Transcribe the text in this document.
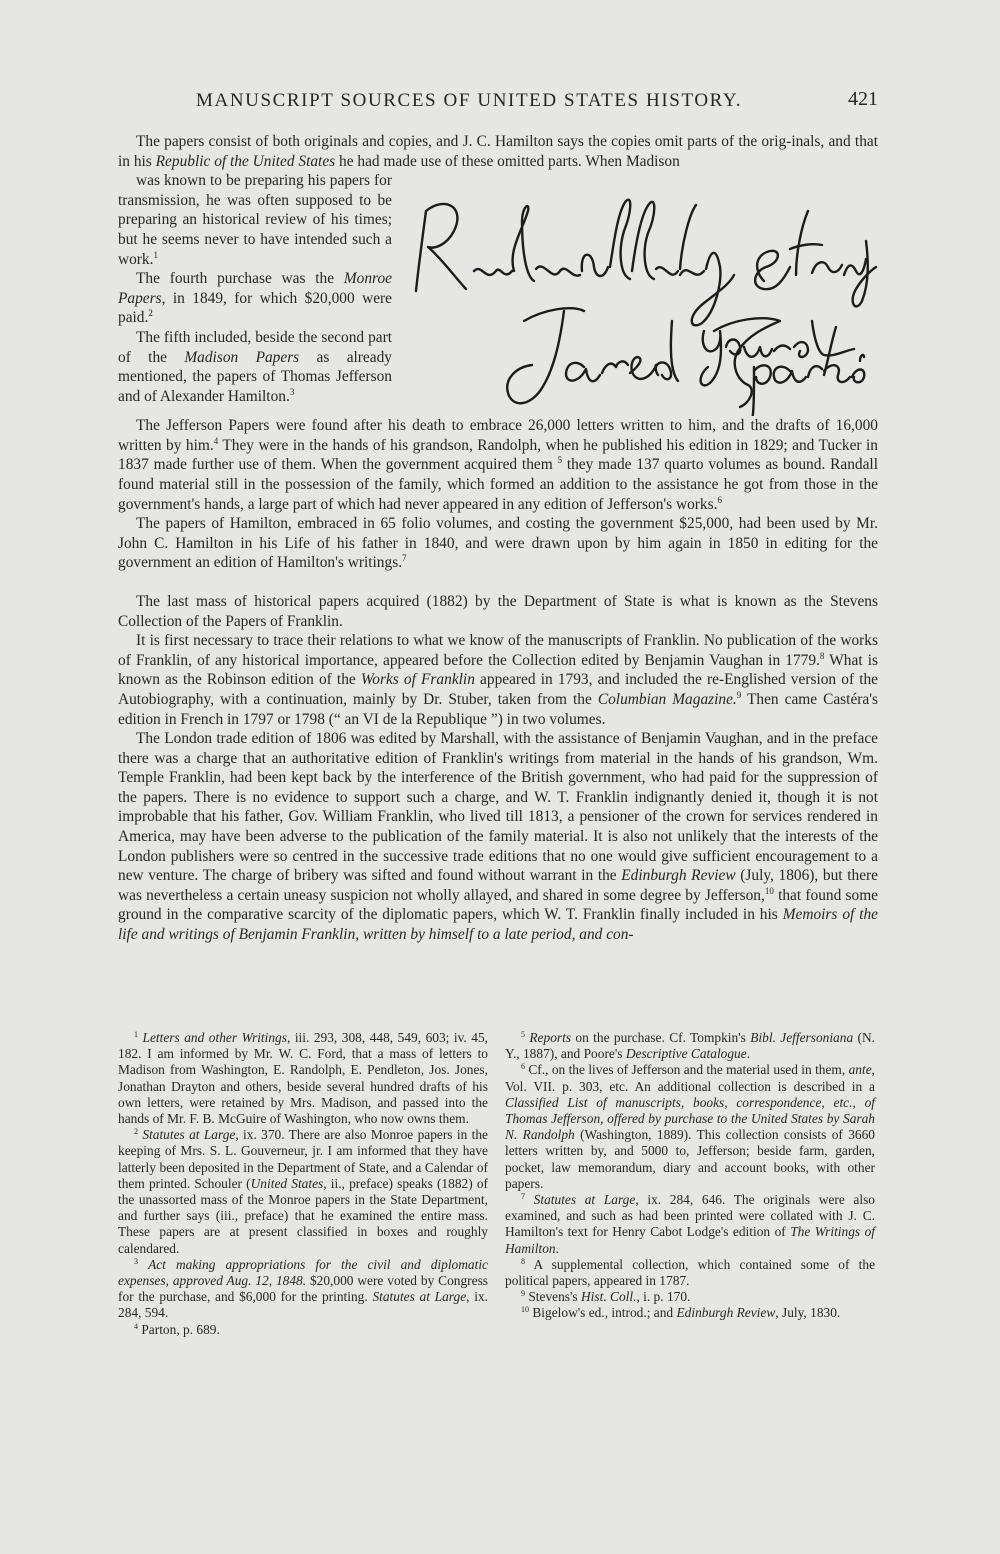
MANUSCRIPT SOURCES OF UNITED STATES HISTORY.	421

The papers consist of both originals and copies, and J. C. Hamilton says the copies omit parts of the orig-inals, and that in his Republic of the United States he had made use of these omitted parts. When Madison

was known to be preparing his papers for transmission, he was often supposed to be preparing an historical review of his times; but he seems never to have intended such a work.$^1$

The fourth purchase was the Monroe Papers, in 1849, for which $20,000 were paid.$^2$

The fifth included, beside the second part of the Madison Papers as already mentioned, the papers of Thomas Jefferson and of Alexander Hamilton.$^3$

The Jefferson Papers were found after his death to embrace 26,000 letters written to him, and the drafts of 16,000 written by him.$^4$ They were in the hands of his grandson, Randolph, when he published his edition in 1829; and Tucker in 1837 made further use of them. When the government acquired them $^5$ they made 137 quarto volumes as bound. Randall found material still in the possession of the family, which formed an addition to the assistance he got from those in the government's hands, a large part of which had never appeared in any edition of Jefferson's works.$^6$

The papers of Hamilton, embraced in 65 folio volumes, and costing the government $25,000, had been used by Mr. John C. Hamilton in his Life of his father in 1840, and were drawn upon by him again in 1850 in editing for the government an edition of Hamilton's writings.$^7$

The last mass of historical papers acquired (1882) by the Department of State is what is known as the Stevens Collection of the Papers of Franklin.

It is first necessary to trace their relations to what we know of the manuscripts of Franklin. No publication of the works of Franklin, of any historical importance, appeared before the Collection edited by Benjamin Vaughan in 1779.$^8$ What is known as the Robinson edition of the Works of Franklin appeared in 1793, and included the re-Englished version of the Autobiography, with a continuation, mainly by Dr. Stuber, taken from the Columbian Magazine.$^9$ Then came Castéra's edition in French in 1797 or 1798 (“ an VI de la Republique ”) in two volumes.

The London trade edition of 1806 was edited by Marshall, with the assistance of Benjamin Vaughan, and in the preface there was a charge that an authoritative edition of Franklin's writings from material in the hands of his grandson, Wm. Temple Franklin, had been kept back by the interference of the British government, who had paid for the suppression of the papers. There is no evidence to support such a charge, and W. T. Franklin indignantly denied it, though it is not improbable that his father, Gov. William Franklin, who lived till 1813, a pensioner of the crown for services rendered in America, may have been adverse to the publication of the family material. It is also not unlikely that the interests of the London publishers were so centred in the successive trade editions that no one would give sufficient encouragement to a new venture. The charge of bribery was sifted and found without warrant in the Edinburgh Review (July, 1806), but there was nevertheless a certain uneasy suspicion not wholly allayed, and shared in some degree by Jefferson,$^{10}$ that found some ground in the comparative scarcity of the diplomatic papers, which W. T. Franklin finally included in his Memoirs of the life and writings of Benjamin Franklin, written by himself to a late period, and con-

$^1$ Letters and other Writings, iii. 293, 308, 448, 549, 603; iv. 45, 182. I am informed by Mr. W. C. Ford, that a mass of letters to Madison from Washington, E. Randolph, E. Pendleton, Jos. Jones, Jonathan Drayton and others, beside several hundred drafts of his own letters, were retained by Mrs. Madison, and passed into the hands of Mr. F. B. McGuire of Washington, who now owns them.

$^2$ Statutes at Large, ix. 370. There are also Monroe papers in the keeping of Mrs. S. L. Gouverneur, jr. I am informed that they have latterly been deposited in the Department of State, and a Calendar of them printed. Schouler (United States, ii., preface) speaks (1882) of the unassorted mass of the Monroe papers in the State Department, and further says (iii., preface) that he examined the entire mass. These papers are at present classified in boxes and roughly calendared.

$^3$ Act making appropriations for the civil and diplomatic expenses, approved Aug. 12, 1848. $20,000 were voted by Congress for the purchase, and $6,000 for the printing. Statutes at Large, ix. 284, 594.

$^4$ Parton, p. 689.

$^5$ Reports on the purchase. Cf. Tompkin's Bibl. Jeffersoniana (N. Y., 1887), and Poore's Descriptive Catalogue.

$^6$ Cf., on the lives of Jefferson and the material used in them, ante, Vol. VII. p. 303, etc. An additional collection is described in a Classified List of manuscripts, books, correspondence, etc., of Thomas Jefferson, offered by purchase to the United States by Sarah N. Randolph (Washington, 1889). This collection consists of 3660 letters written by, and 5000 to, Jefferson; beside farm, garden, pocket, law memorandum, diary and account books, with other papers.

$^7$ Statutes at Large, ix. 284, 646. The originals were also examined, and such as had been printed were collated with J. C. Hamilton's text for Henry Cabot Lodge's edition of The Writings of Hamilton.

$^8$ A supplemental collection, which contained some of the political papers, appeared in 1787.

$^9$ Stevens's Hist. Coll., i. p. 170.

$^{10}$ Bigelow's ed., introd.; and Edinburgh Review, July, 1830.
